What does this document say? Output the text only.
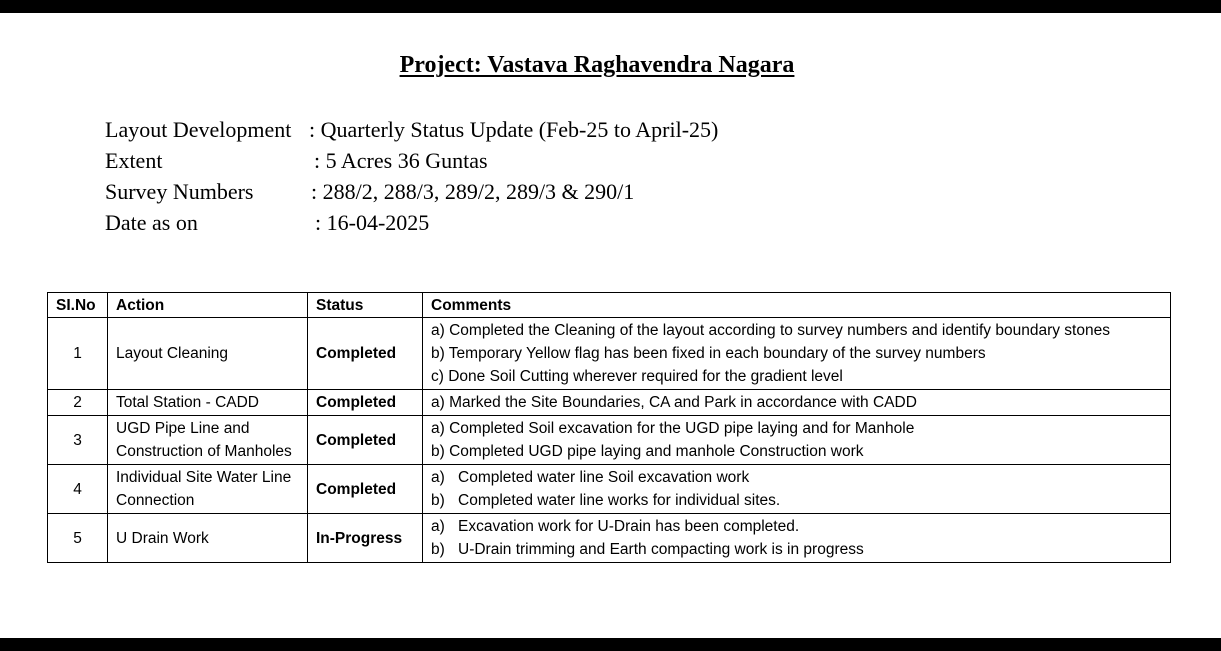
Project: Vastava Raghavendra Nagara
Layout Development : Quarterly Status Update (Feb-25 to April-25)
Extent	: 5 Acres 36 Guntas
Survey Numbers	: 288/2, 288/3, 289/2, 289/3 & 290/1
Date as on	: 16-04-2025
SI.No	Action	Status	Comments
1	Layout Cleaning	Completed	a) Completed the Cleaning of the layout according to survey numbers and identify boundary stones
b) Temporary Yellow flag has been fixed in each boundary of the survey numbers
c) Done Soil Cutting wherever required for the gradient level

2	Total Station - CADD	Completed	a) Marked the Site Boundaries, CA and Park in accordance with CADD

3	UGD Pipe Line and Construction of Manholes	Completed	a) Completed Soil excavation for the UGD pipe laying and for Manhole
b) Completed UGD pipe laying and manhole Construction work

4	Individual Site Water Line Connection	Completed	a) Completed water line Soil excavation work
b) Completed water line works for individual sites.

5	U Drain Work	In-Progress	a) Excavation work for U-Drain has been completed.
b) U-Drain trimming and Earth compacting work is in progress
